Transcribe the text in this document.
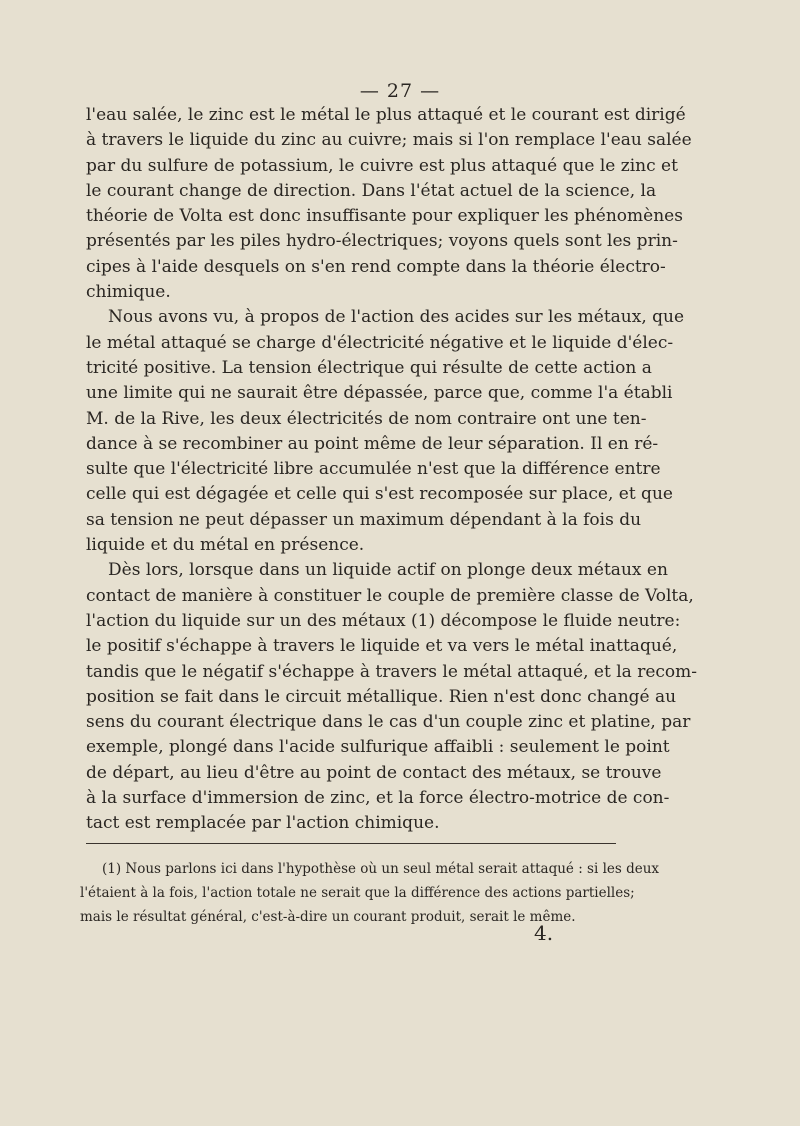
— 27 —
l'eau salée, le zinc est le métal le plus attaqué et le courant est dirigé
à travers le liquide du zinc au cuivre; mais si l'on remplace l'eau salée
par du sulfure de potassium, le cuivre est plus attaqué que le zinc et
le courant change de direction. Dans l'état actuel de la science, la
théorie de Volta est donc insuffisante pour expliquer les phénomènes
présentés par les piles hydro-électriques; voyons quels sont les prin-
cipes à l'aide desquels on s'en rend compte dans la théorie électro-
chimique.
Nous avons vu, à propos de l'action des acides sur les métaux, que
le métal attaqué se charge d'électricité négative et le liquide d'élec-
tricité positive. La tension électrique qui résulte de cette action a
une limite qui ne saurait être dépassée, parce que, comme l'a établi
M. de la Rive, les deux électricités de nom contraire ont une ten-
dance à se recombiner au point même de leur séparation. Il en ré-
sulte que l'électricité libre accumulée n'est que la différence entre
celle qui est dégagée et celle qui s'est recomposée sur place, et que
sa tension ne peut dépasser un maximum dépendant à la fois du
liquide et du métal en présence.
Dès lors, lorsque dans un liquide actif on plonge deux métaux en
contact de manière à constituer le couple de première classe de Volta,
l'action du liquide sur un des métaux (1) décompose le fluide neutre:
le positif s'échappe à travers le liquide et va vers le métal inattaqué,
tandis que le négatif s'échappe à travers le métal attaqué, et la recom-
position se fait dans le circuit métallique. Rien n'est donc changé au
sens du courant électrique dans le cas d'un couple zinc et platine, par
exemple, plongé dans l'acide sulfurique affaibli : seulement le point
de départ, au lieu d'être au point de contact des métaux, se trouve
à la surface d'immersion de zinc, et la force électro-motrice de con-
tact est remplacée par l'action chimique.
(1) Nous parlons ici dans l'hypothèse où un seul métal serait attaqué : si les deux
l'étaient à la fois, l'action totale ne serait que la différence des actions partielles;
mais le résultat général, c'est-à-dire un courant produit, serait le même.
4.
